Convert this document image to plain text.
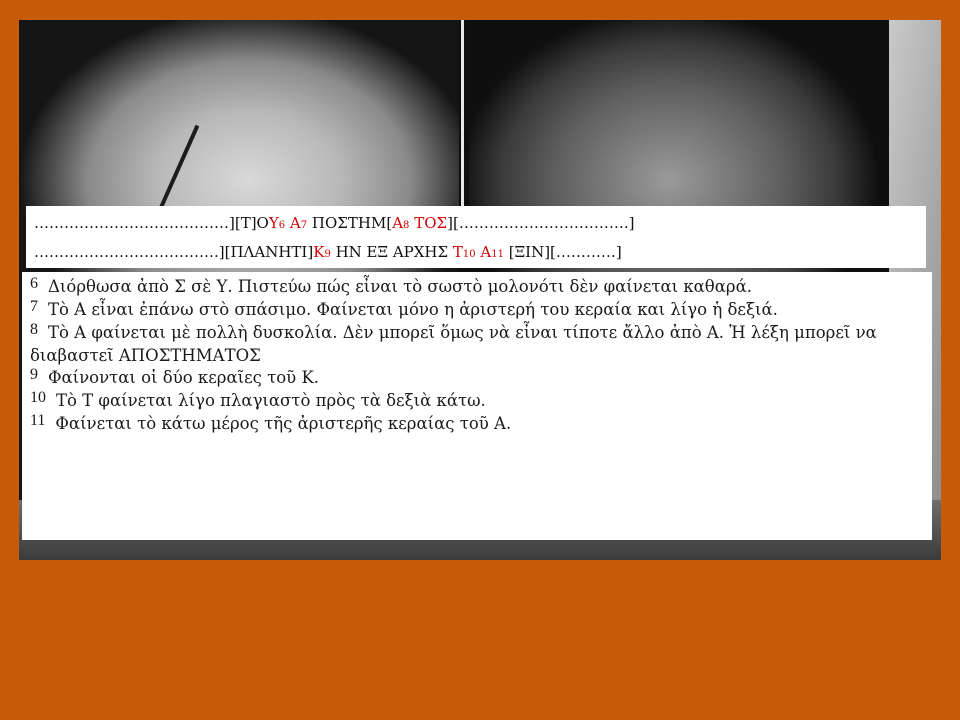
…………………………………][Τ]ΟΥ6 Α7 ΠΟΣΤΗΜ[Α8 ΤΟΣ][…………………………….]
……………………………….][ΠΛΑΝΗΤΙ]Κ9 ΗΝ ΕΞ ΑΡΧΗΣ Τ10 Α11 [ΞΙΝ][…………]

6 Διόρθωσα ἀπὸ Σ σὲ Υ. Πιστεύω πώς εἶναι τὸ σωστὸ μολονότι δὲν φαίνεται καθαρά.

7 Τὸ Α εἶναι ἐπάνω στὸ σπάσιμο. Φαίνεται μόνο η ἀριστερή του κεραία και λίγο ἡ δεξιά.

8 Τὸ Α φαίνεται μὲ πολλὴ δυσκολία. Δὲν μπορεῖ ὅμως νὰ εἶναι τίποτε ἄλλο ἀπὸ Α. Ἡ λέξη μπορεῖ να διαβαστεῖ ΑΠΟΣΤΗΜΑΤΟΣ

9 Φαίνονται οἱ δύο κεραῖες τοῦ Κ.

10 Τὸ Τ φαίνεται λίγο πλαγιαστὸ πρὸς τὰ δεξιὰ κάτω.

11 Φαίνεται τὸ κάτω μέρος τῆς ἀριστερῆς κεραίας τοῦ Α.
